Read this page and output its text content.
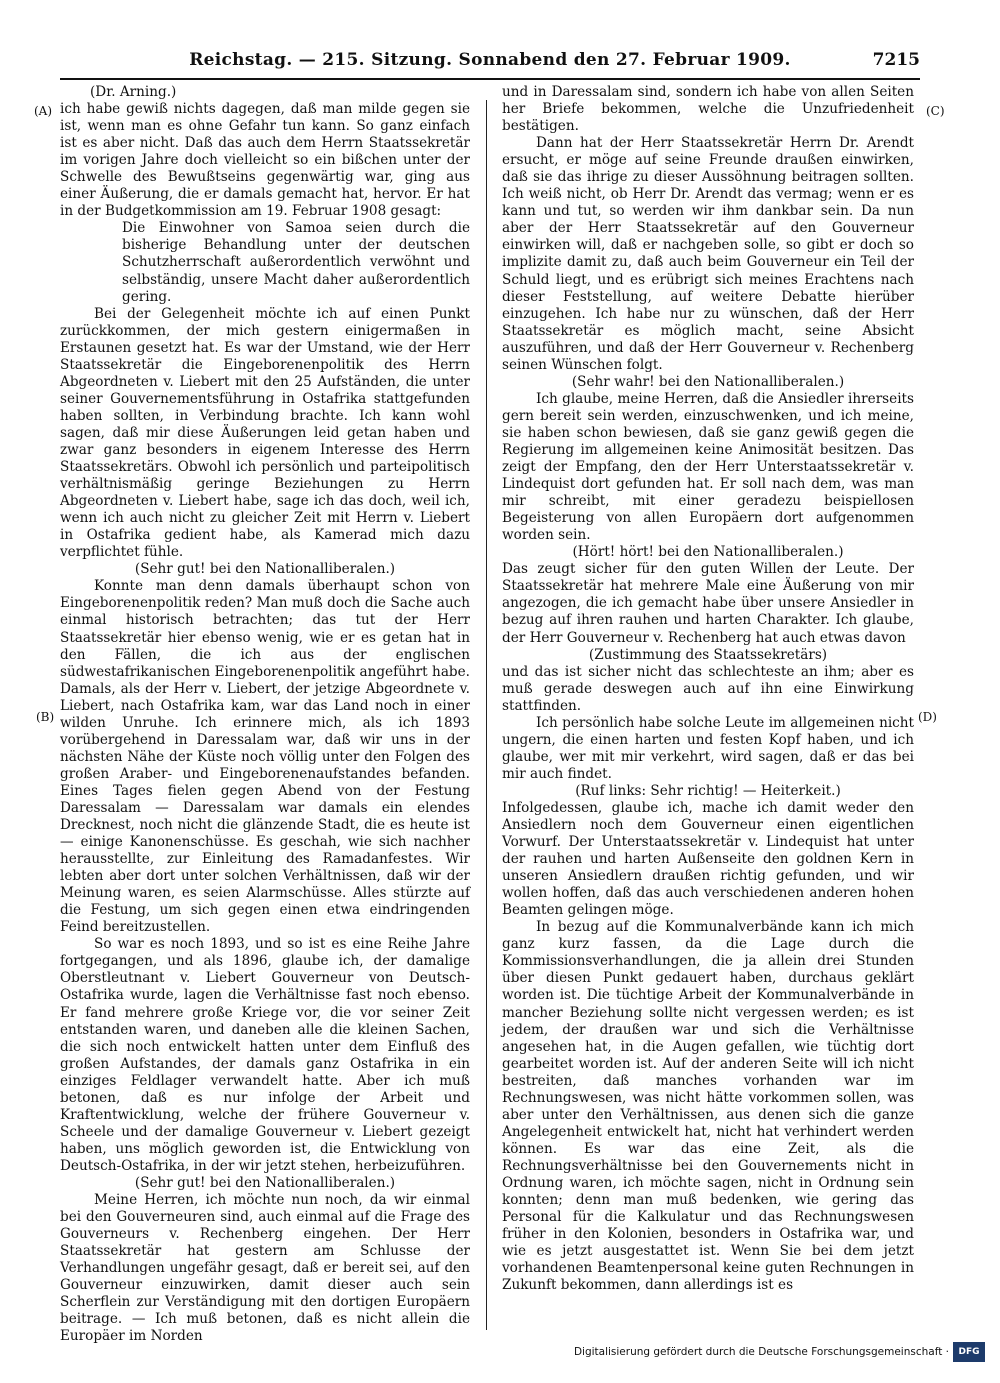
Reichstag. — 215. Sitzung. Sonnabend den 27. Februar 1909.	7215
(A)
(B)
(C)
(D)

(Dr. Arning.)

ich habe gewiß nichts dagegen, daß man milde gegen sie ist, wenn man es ohne Gefahr tun kann. So ganz einfach ist es aber nicht. Daß das auch dem Herrn Staatssekretär im vorigen Jahre doch vielleicht so ein bißchen unter der Schwelle des Bewußtseins gegenwärtig war, ging aus einer Äußerung, die er damals gemacht hat, hervor. Er hat in der Budgetkommission am 19. Februar 1908 gesagt:

Die Einwohner von Samoa seien durch die bisherige Behandlung unter der deutschen Schutzherrschaft außerordentlich verwöhnt und selbständig, unsere Macht daher außerordentlich gering.

Bei der Gelegenheit möchte ich auf einen Punkt zurückkommen, der mich gestern einigermaßen in Erstaunen gesetzt hat. Es war der Umstand, wie der Herr Staatssekretär die Eingeborenenpolitik des Herrn Abgeordneten v. Liebert mit den 25 Aufständen, die unter seiner Gouvernementsführung in Ostafrika stattgefunden haben sollten, in Verbindung brachte. Ich kann wohl sagen, daß mir diese Äußerungen leid getan haben und zwar ganz besonders in eigenem Interesse des Herrn Staatssekretärs. Obwohl ich persönlich und parteipolitisch verhältnismäßig geringe Beziehungen zu Herrn Abgeordneten v. Liebert habe, sage ich das doch, weil ich, wenn ich auch nicht zu gleicher Zeit mit Herrn v. Liebert in Ostafrika gedient habe, als Kamerad mich dazu verpflichtet fühle.

(Sehr gut! bei den Nationalliberalen.)

Konnte man denn damals überhaupt schon von Eingeborenenpolitik reden? Man muß doch die Sache auch einmal historisch betrachten; das tut der Herr Staatssekretär hier ebenso wenig, wie er es getan hat in den Fällen, die ich aus der englischen südwestafrikanischen Eingeborenenpolitik angeführt habe. Damals, als der Herr v. Liebert, der jetzige Abgeordnete v. Liebert, nach Ostafrika kam, war das Land noch in einer wilden Unruhe. Ich erinnere mich, als ich 1893 vorübergehend in Daressalam war, daß wir uns in der nächsten Nähe der Küste noch völlig unter den Folgen des großen Araber- und Eingeborenenaufstandes befanden. Eines Tages fielen gegen Abend von der Festung Daressalam — Daressalam war damals ein elendes Drecknest, noch nicht die glänzende Stadt, die es heute ist — einige Kanonenschüsse. Es geschah, wie sich nachher herausstellte, zur Einleitung des Ramadanfestes. Wir lebten aber dort unter solchen Verhältnissen, daß wir der Meinung waren, es seien Alarmschüsse. Alles stürzte auf die Festung, um sich gegen einen etwa eindringenden Feind bereitzustellen.

So war es noch 1893, und so ist es eine Reihe Jahre fortgegangen, und als 1896, glaube ich, der damalige Oberstleutnant v. Liebert Gouverneur von Deutsch-Ostafrika wurde, lagen die Verhältnisse fast noch ebenso. Er fand mehrere große Kriege vor, die vor seiner Zeit entstanden waren, und daneben alle die kleinen Sachen, die sich noch entwickelt hatten unter dem Einfluß des großen Aufstandes, der damals ganz Ostafrika in ein einziges Feldlager verwandelt hatte. Aber ich muß betonen, daß es nur infolge der Arbeit und Kraftentwicklung, welche der frühere Gouverneur v. Scheele und der damalige Gouverneur v. Liebert gezeigt haben, uns möglich geworden ist, die Entwicklung von Deutsch-Ostafrika, in der wir jetzt stehen, herbeizuführen.

(Sehr gut! bei den Nationalliberalen.)

Meine Herren, ich möchte nun noch, da wir einmal bei den Gouverneuren sind, auch einmal auf die Frage des Gouverneurs v. Rechenberg eingehen. Der Herr Staatssekretär hat gestern am Schlusse der Verhandlungen ungefähr gesagt, daß er bereit sei, auf den Gouverneur einzuwirken, damit dieser auch sein Scherflein zur Verständigung mit den dortigen Europäern beitrage. — Ich muß betonen, daß es nicht allein die Europäer im Norden

und in Daressalam sind, sondern ich habe von allen Seiten her Briefe bekommen, welche die Unzufriedenheit bestätigen.

Dann hat der Herr Staatssekretär Herrn Dr. Arendt ersucht, er möge auf seine Freunde draußen einwirken, daß sie das ihrige zu dieser Aussöhnung beitragen sollten. Ich weiß nicht, ob Herr Dr. Arendt das vermag; wenn er es kann und tut, so werden wir ihm dankbar sein. Da nun aber der Herr Staatssekretär auf den Gouverneur einwirken will, daß er nachgeben solle, so gibt er doch so implizite damit zu, daß auch beim Gouverneur ein Teil der Schuld liegt, und es erübrigt sich meines Erachtens nach dieser Feststellung, auf weitere Debatte hierüber einzugehen. Ich habe nur zu wünschen, daß der Herr Staatssekretär es möglich macht, seine Absicht auszuführen, und daß der Herr Gouverneur v. Rechenberg seinen Wünschen folgt.

(Sehr wahr! bei den Nationalliberalen.)

Ich glaube, meine Herren, daß die Ansiedler ihrerseits gern bereit sein werden, einzuschwenken, und ich meine, sie haben schon bewiesen, daß sie ganz gewiß gegen die Regierung im allgemeinen keine Animosität besitzen. Das zeigt der Empfang, den der Herr Unterstaatssekretär v. Lindequist dort gefunden hat. Er soll nach dem, was man mir schreibt, mit einer geradezu beispiellosen Begeisterung von allen Europäern dort aufgenommen worden sein.

(Hört! hört! bei den Nationalliberalen.)

Das zeugt sicher für den guten Willen der Leute. Der Staatssekretär hat mehrere Male eine Äußerung von mir angezogen, die ich gemacht habe über unsere Ansiedler in bezug auf ihren rauhen und harten Charakter. Ich glaube, der Herr Gouverneur v. Rechenberg hat auch etwas davon

(Zustimmung des Staatssekretärs)

und das ist sicher nicht das schlechteste an ihm; aber es muß gerade deswegen auch auf ihn eine Einwirkung stattfinden.

Ich persönlich habe solche Leute im allgemeinen nicht ungern, die einen harten und festen Kopf haben, und ich glaube, wer mit mir verkehrt, wird sagen, daß er das bei mir auch findet.

(Ruf links: Sehr richtig! — Heiterkeit.)

Infolgedessen, glaube ich, mache ich damit weder den Ansiedlern noch dem Gouverneur einen eigentlichen Vorwurf. Der Unterstaatssekretär v. Lindequist hat unter der rauhen und harten Außenseite den goldnen Kern in unseren Ansiedlern draußen richtig gefunden, und wir wollen hoffen, daß das auch verschiedenen anderen hohen Beamten gelingen möge.

In bezug auf die Kommunalverbände kann ich mich ganz kurz fassen, da die Lage durch die Kommissionsverhandlungen, die ja allein drei Stunden über diesen Punkt gedauert haben, durchaus geklärt worden ist. Die tüchtige Arbeit der Kommunalverbände in mancher Beziehung sollte nicht vergessen werden; es ist jedem, der draußen war und sich die Verhältnisse angesehen hat, in die Augen gefallen, wie tüchtig dort gearbeitet worden ist. Auf der anderen Seite will ich nicht bestreiten, daß manches vorhanden war im Rechnungswesen, was nicht hätte vorkommen sollen, was aber unter den Verhältnissen, aus denen sich die ganze Angelegenheit entwickelt hat, nicht hat verhindert werden können. Es war das eine Zeit, als die Rechnungsverhältnisse bei den Gouvernements nicht in Ordnung waren, ich möchte sagen, nicht in Ordnung sein konnten; denn man muß bedenken, wie gering das Personal für die Kalkulatur und das Rechnungswesen früher in den Kolonien, besonders in Ostafrika war, und wie es jetzt ausgestattet ist. Wenn Sie bei dem jetzt vorhandenen Beamtenpersonal keine guten Rechnungen in Zukunft bekommen, dann allerdings ist es

Digitalisierung gefördert durch die Deutsche Forschungsgemeinschaft ·	DFG
